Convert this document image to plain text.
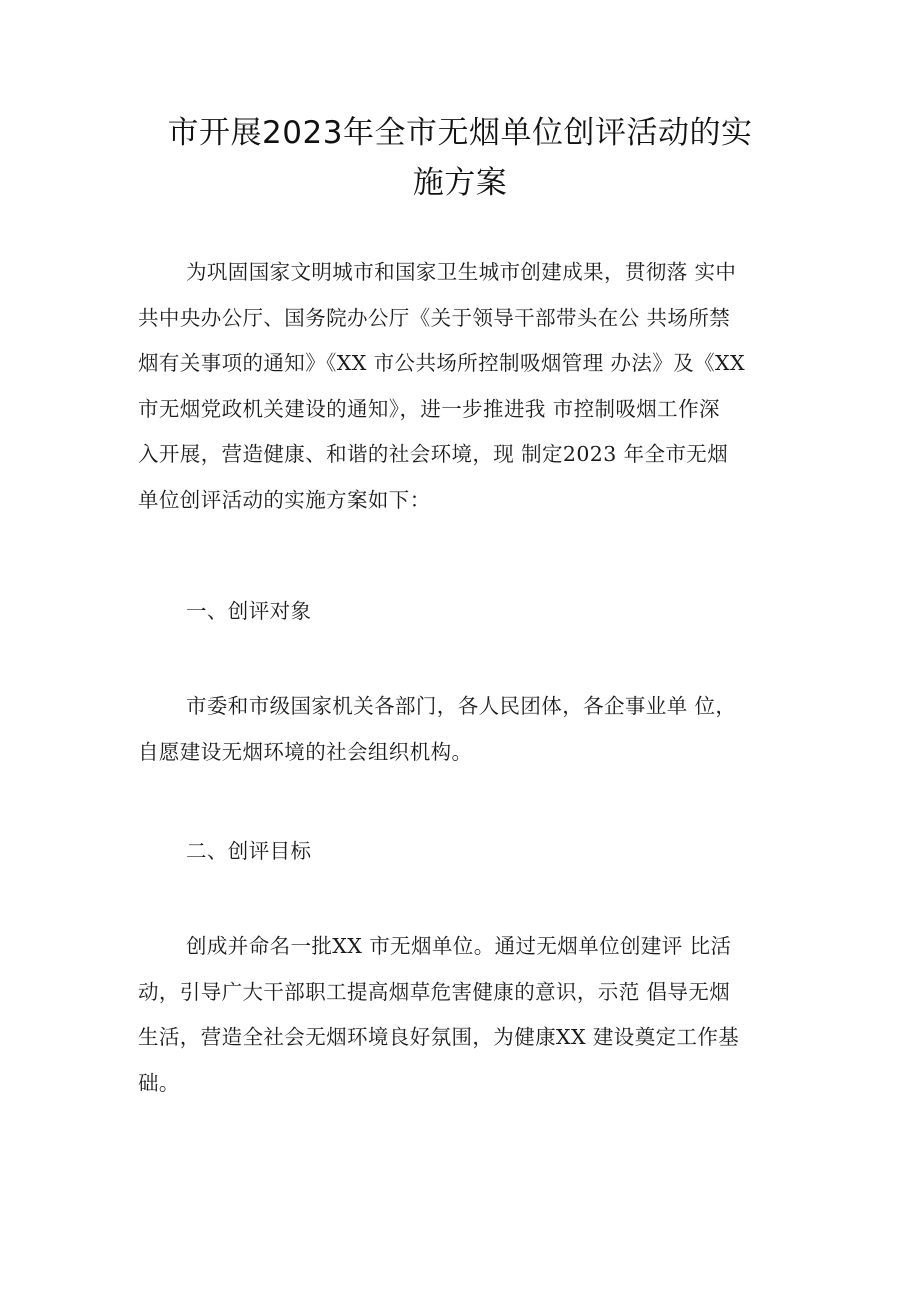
市开展2023年全市无烟单位创评活动的实
施方案
为巩固国家文明城市和国家卫生城市创建成果，贯彻落 实中
共中央办公厅、国务院办公厅《关于领导干部带头在公 共场所禁
烟有关事项的通知》《XX 市公共场所控制吸烟管理 办法》及《XX
市无烟党政机关建设的通知》，进一步推进我 市控制吸烟工作深
入开展，营造健康、和谐的社会环境，现 制定2023 年全市无烟
单位创评活动的实施方案如下：
一、创评对象
市委和市级国家机关各部门，各人民团体，各企事业单 位，
自愿建设无烟环境的社会组织机构。
二、创评目标
创成并命名一批XX 市无烟单位。通过无烟单位创建评 比活
动，引导广大干部职工提高烟草危害健康的意识，示范 倡导无烟
生活，营造全社会无烟环境良好氛围，为健康XX 建设奠定工作基
础。
